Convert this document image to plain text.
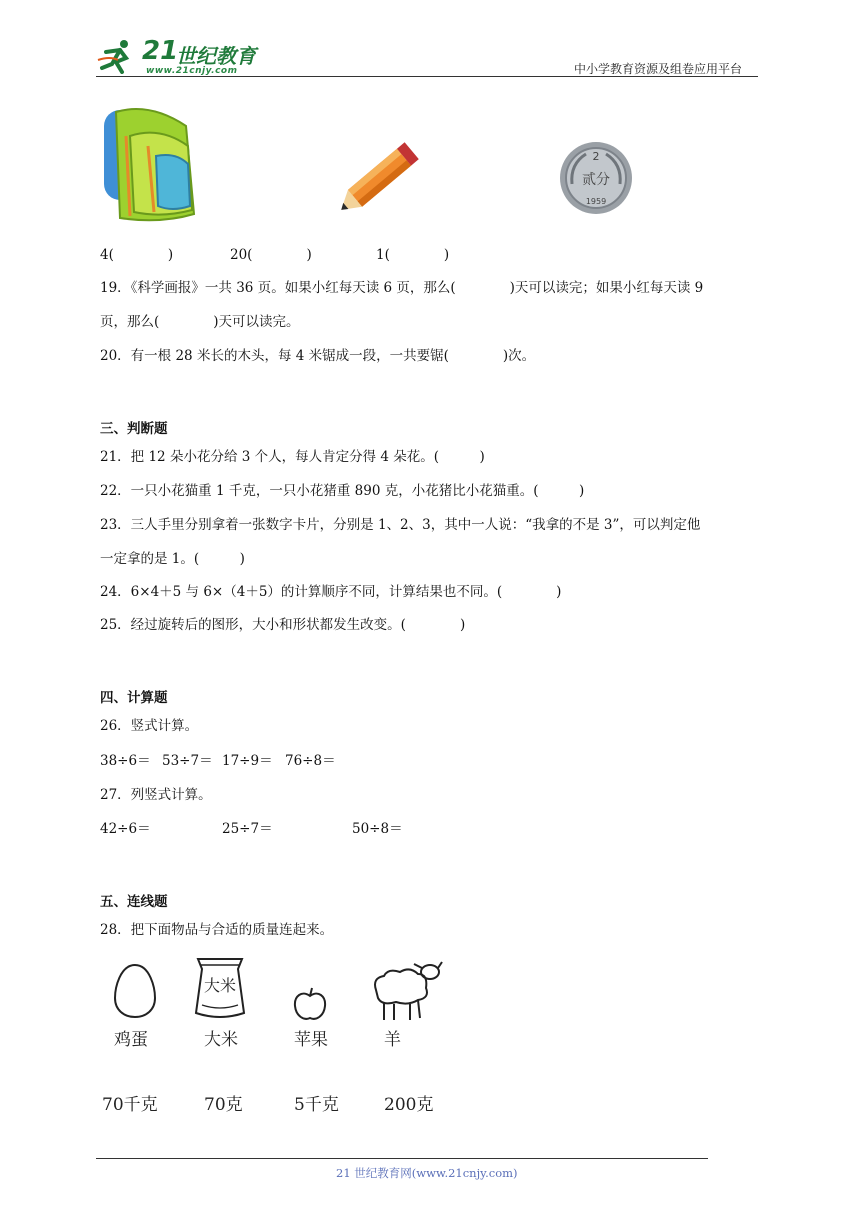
21
世纪教育
www.21cnjy.com	中小学教育资源及组卷应用平台
2
贰分
1959
4(　　　　)	20(　　　　)	1(　　　　)
19．《科学画报》一共 36 页。如果小红每天读 6 页，那么(　　　　)天可以读完；如果小红每天读 9
页，那么(　　　　)天可以读完。
20．有一根 28 米长的木头，每 4 米锯成一段，一共要锯(　　　　)次。
三、判断题
21．把 12 朵小花分给 3 个人，每人肯定分得 4 朵花。(　　　)
22．一只小花猫重 1 千克，一只小花猪重 890 克，小花猪比小花猫重。(　　　)
23．三人手里分别拿着一张数字卡片，分别是 1、2、3，其中一人说：“我拿的不是 3”，可以判定他
一定拿的是 1。(　　　)
24．6×4＋5 与 6×（4＋5）的计算顺序不同，计算结果也不同。(　　　　)
25．经过旋转后的图形，大小和形状都发生改变。(　　　　)
四、计算题
26．竖式计算。
38÷6＝ 53÷7＝ 17÷9＝ 76÷8＝
27．列竖式计算。
42÷6＝	25÷7＝	50÷8＝
五、连线题
28．把下面物品与合适的质量连起来。
大米
鸡蛋	大米	苹果	羊
70千克	70克	5千克	200克
21 世纪教育网(www.21cnjy.com)
